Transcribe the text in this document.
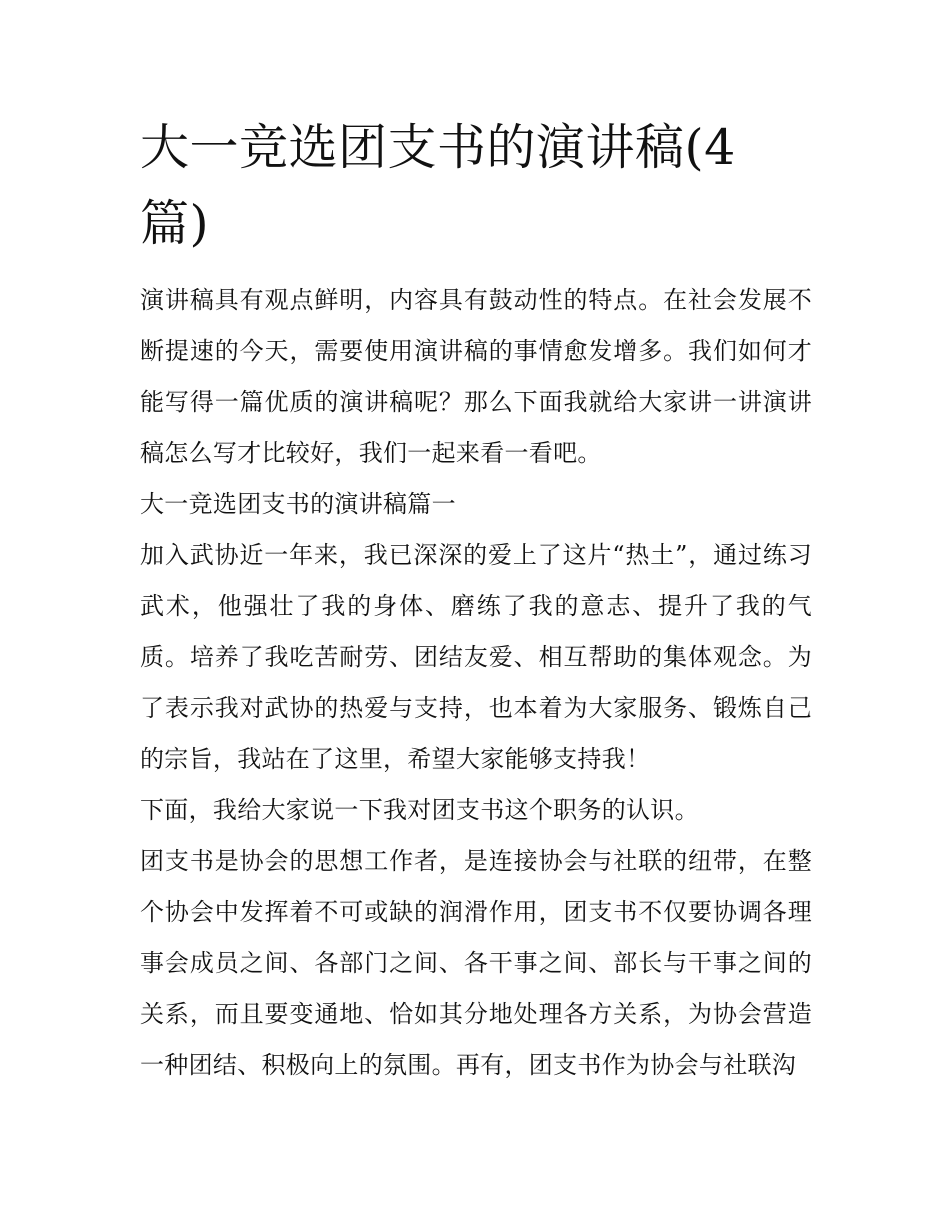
大一竞选团支书的演讲稿(4篇)

演讲稿具有观点鲜明，内容具有鼓动性的特点。在社会发展不断提速的今天，需要使用演讲稿的事情愈发增多。我们如何才能写得一篇优质的演讲稿呢？那么下面我就给大家讲一讲演讲稿怎么写才比较好，我们一起来看一看吧。

大一竞选团支书的演讲稿篇一

加入武协近一年来，我已深深的爱上了这片“热土”，通过练习武术，他强壮了我的身体、磨练了我的意志、提升了我的气质。培养了我吃苦耐劳、团结友爱、相互帮助的集体观念。为了表示我对武协的热爱与支持，也本着为大家服务、锻炼自己的宗旨，我站在了这里，希望大家能够支持我！

下面，我给大家说一下我对团支书这个职务的认识。

团支书是协会的思想工作者，是连接协会与社联的纽带，在整个协会中发挥着不可或缺的润滑作用，团支书不仅要协调各理事会成员之间、各部门之间、各干事之间、部长与干事之间的关系，而且要变通地、恰如其分地处理各方关系，为协会营造一种团结、积极向上的氛围。再有，团支书作为协会与社联沟
